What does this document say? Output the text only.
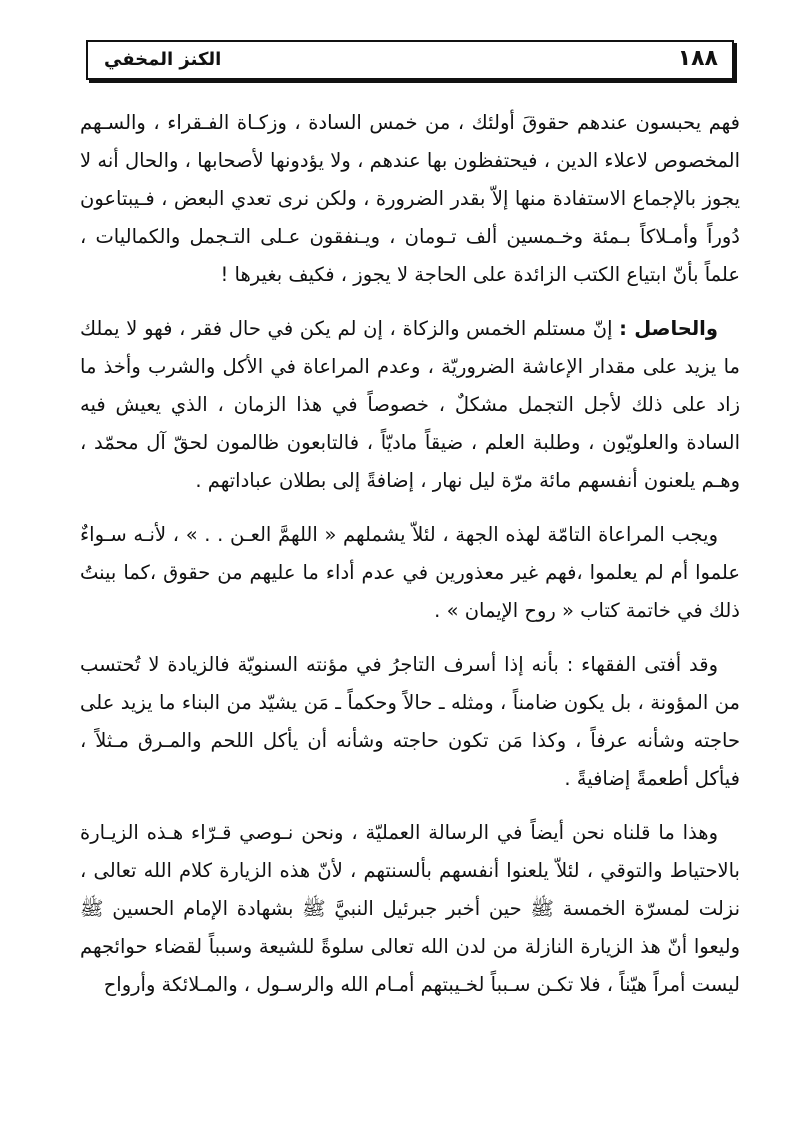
١٨٨
الكنز المخفي

فهم يحبسون عندهم حقوقَ أولئك ، من خمس السادة ، وزكـاة الفـقراء ، والسـهم المخصوص لاعلاء الدين ، فيحتفظون بها عندهم ، ولا يؤدونها لأصحابها ، والحال أنه لا يجوز بالإجماع الاستفادة منها إلاّ بقدر الضرورة ، ولكن نرى تعدي البعض ، فـيبتاعون دُوراً وأمـلاكاً بـمئة وخـمسين ألف تـومان ، ويـنفقون عـلى التـجمل والكماليات ، علماً بأنّ ابتياع الكتب الزائدة على الحاجة لا يجوز ، فكيف بغيرها !

والحاصل : إنّ مستلم الخمس والزكاة ، إن لم يكن في حال فقر ، فهو لا يملك ما يزيد على مقدار الإعاشة الضروريّة ، وعدم المراعاة في الأكل والشرب وأخذ ما زاد على ذلك لأجل التجمل مشكلٌ ، خصوصاً في هذا الزمان ، الذي يعيش فيه السادة والعلويّون ، وطلبة العلم ، ضيقاً ماديّاً ، فالتابعون ظالمون لحقّ آل محمّد ، وهـم يلعنون أنفسهم مائة مرّة ليل نهار ، إضافةً إلى بطلان عباداتهم .

ويجب المراعاة التامّة لهذه الجهة ، لئلاّ يشملهم « اللهمَّ العـن . . » ، لأنـه سـواءٌ علموا أم لم يعلموا ،فهم غير معذورين في عدم أداء ما عليهم من حقوق ،كما بينتُ ذلك في خاتمة كتاب « روح الإيمان » .

وقد أفتى الفقهاء : بأنه إذا أسرف التاجرُ في مؤنته السنويّة فالزيادة لا تُحتسب من المؤونة ، بل يكون ضامناً ، ومثله ـ حالاً وحكماً ـ مَن يشيّد من البناء ما يزيد على حاجته وشأنه عرفاً ، وكذا مَن تكون حاجته وشأنه أن يأكل اللحم والمـرق مـثلاً ، فيأكل أطعمةً إضافيةً .

وهذا ما قلناه نحن أيضاً في الرسالة العمليّة ، ونحن نـوصي قـرّاء هـذه الزيـارة بالاحتياط والتوقي ، لئلاّ يلعنوا أنفسهم بألسنتهم ، لأنّ هذه الزيارة كلام الله تعالى ، نزلت لمسرّة الخمسة ﷺ حين أخبر جبرئيل النبيَّ ﷺ بشهادة الإمام الحسين ﷺ وليعوا أنّ هذ الزيارة النازلة من لدن الله تعالى سلوةً للشيعة وسبباً لقضاء حوائجهم ليست أمراً هيّناً ، فلا تكـن سـبباً لخـيبتهم أمـام الله والرسـول ، والمـلائكة وأرواح
